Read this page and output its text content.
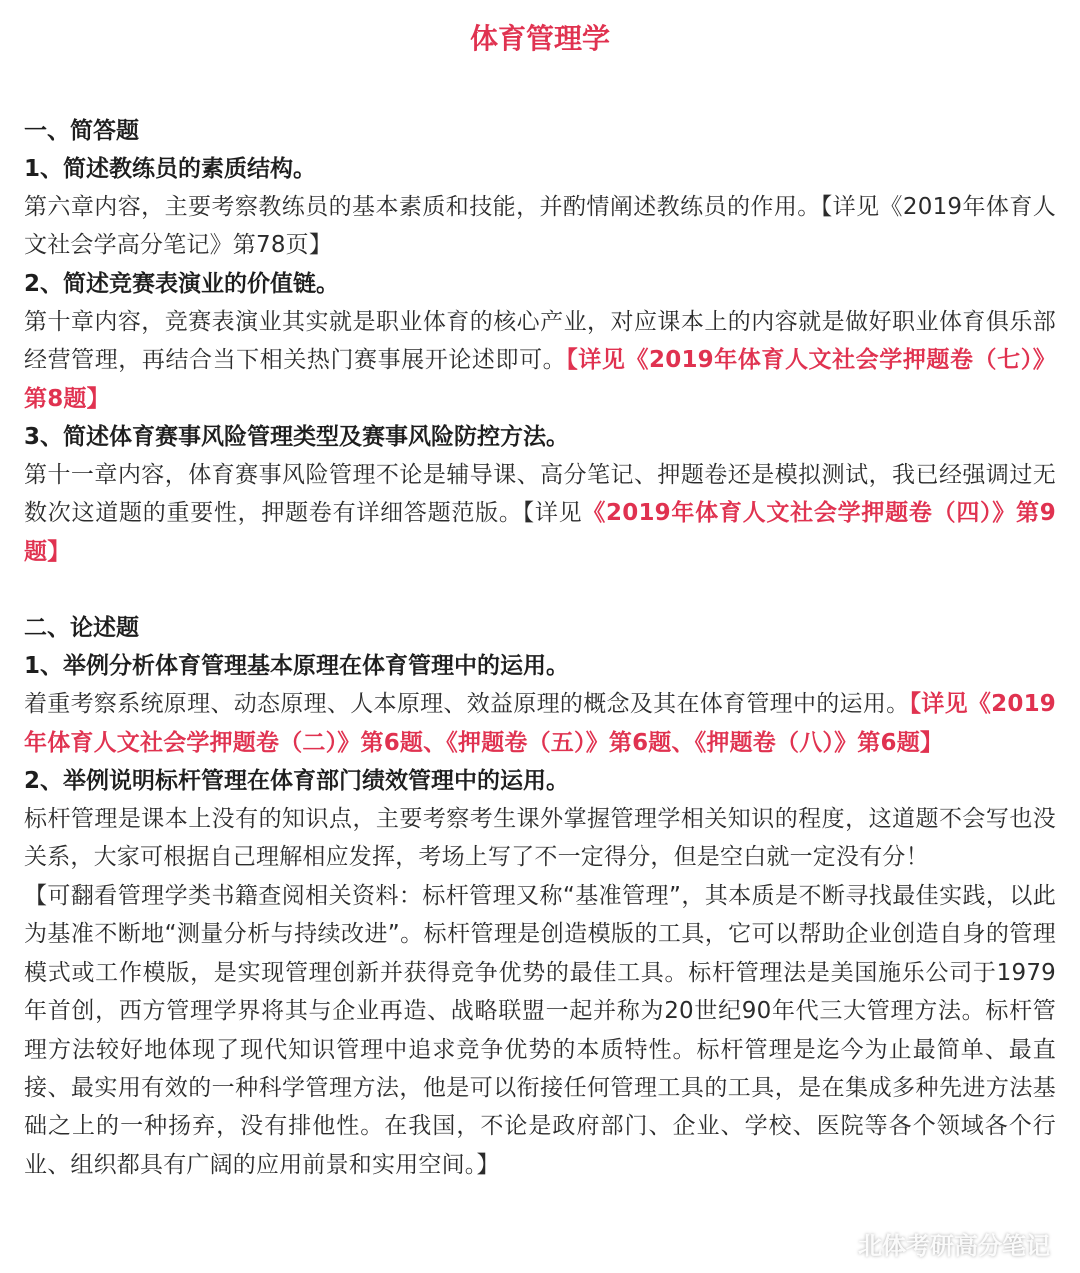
体育管理学
一、简答题
1、简述教练员的素质结构。

第六章内容，主要考察教练员的基本素质和技能，并酌情阐述教练员的作用。【详见《2019年体育人文社会学高分笔记》第78页】

2、简述竞赛表演业的价值链。

第十章内容，竞赛表演业其实就是职业体育的核心产业，对应课本上的内容就是做好职业体育俱乐部经营管理，再结合当下相关热门赛事展开论述即可。【详见《2019年体育人文社会学押题卷（七）》第8题】

3、简述体育赛事风险管理类型及赛事风险防控方法。

第十一章内容，体育赛事风险管理不论是辅导课、高分笔记、押题卷还是模拟测试，我已经强调过无数次这道题的重要性，押题卷有详细答题范版。【详见《2019年体育人文社会学押题卷（四）》第9题】

二、论述题
1、举例分析体育管理基本原理在体育管理中的运用。

着重考察系统原理、动态原理、人本原理、效益原理的概念及其在体育管理中的运用。【详见《2019年体育人文社会学押题卷（二）》第6题、《押题卷（五）》第6题、《押题卷（八）》第6题】

2、举例说明标杆管理在体育部门绩效管理中的运用。

标杆管理是课本上没有的知识点，主要考察考生课外掌握管理学相关知识的程度，这道题不会写也没关系，大家可根据自己理解相应发挥，考场上写了不一定得分，但是空白就一定没有分！

【可翻看管理学类书籍查阅相关资料：标杆管理又称“基准管理”，其本质是不断寻找最佳实践，以此为基准不断地“测量分析与持续改进”。标杆管理是创造模版的工具，它可以帮助企业创造自身的管理模式或工作模版，是实现管理创新并获得竞争优势的最佳工具。标杆管理法是美国施乐公司于1979年首创，西方管理学界将其与企业再造、战略联盟一起并称为20世纪90年代三大管理方法。标杆管理方法较好地体现了现代知识管理中追求竞争优势的本质特性。标杆管理是迄今为止最简单、最直接、最实用有效的一种科学管理方法，他是可以衔接任何管理工具的工具，是在集成多种先进方法基础之上的一种扬弃，没有排他性。在我国，不论是政府部门、企业、学校、医院等各个领域各个行业、组织都具有广阔的应用前景和实用空间。】

北体考研高分笔记
